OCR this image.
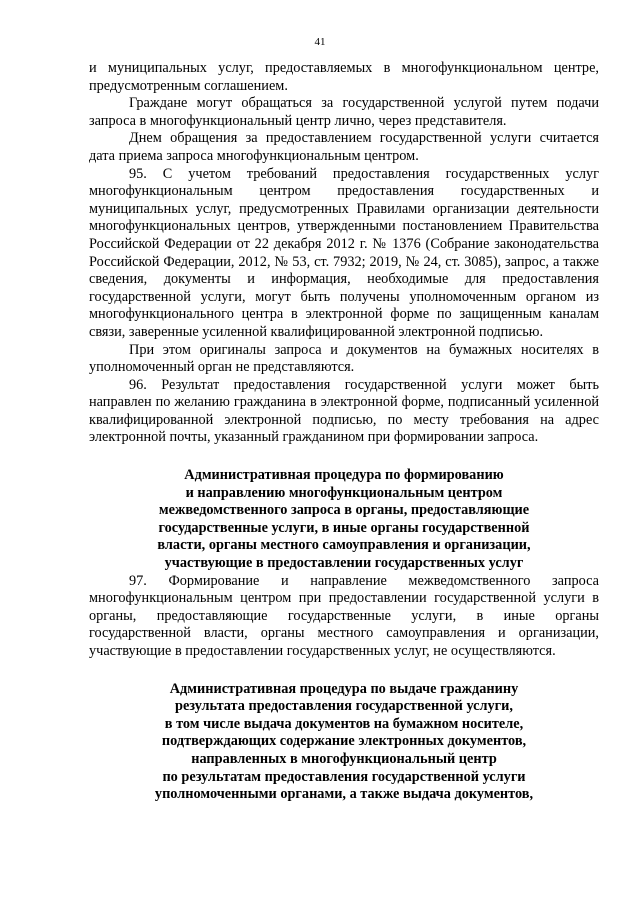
41

и муниципальных услуг, предоставляемых в многофункциональном центре, предусмотренным соглашением.

Граждане могут обращаться за государственной услугой путем подачи запроса в многофункциональный центр лично, через представителя.

Днем обращения за предоставлением государственной услуги считается дата приема запроса многофункциональным центром.

95. С учетом требований предоставления государственных услуг многофункциональным центром предоставления государственных и муниципальных услуг, предусмотренных Правилами организации деятельности многофункциональных центров, утвержденными постановлением Правительства Российской Федерации от 22 декабря 2012 г. № 1376 (Собрание законодательства Российской Федерации, 2012, № 53, ст. 7932; 2019, № 24, ст. 3085), запрос, а также сведения, документы и информация, необходимые для предоставления государственной услуги, могут быть получены уполномоченным органом из многофункционального центра в электронной форме по защищенным каналам связи, заверенные усиленной квалифицированной электронной подписью.

При этом оригиналы запроса и документов на бумажных носителях в уполномоченный орган не представляются.

96. Результат предоставления государственной услуги может быть направлен по желанию гражданина в электронной форме, подписанный усиленной квалифицированной электронной подписью, по месту требования на адрес электронной почты, указанный гражданином при формировании запроса.

Административная процедура по формированию
и направлению многофункциональным центром
межведомственного запроса в органы, предоставляющие
государственные услуги, в иные органы государственной
власти, органы местного самоуправления и организации,
участвующие в предоставлении государственных услуг

97. Формирование и направление межведомственного запроса многофункциональным центром при предоставлении государственной услуги в органы, предоставляющие государственные услуги, в иные органы государственной власти, органы местного самоуправления и организации, участвующие в предоставлении государственных услуг, не осуществляются.

Административная процедура по выдаче гражданину
результата предоставления государственной услуги,
в том числе выдача документов на бумажном носителе,
подтверждающих содержание электронных документов,
направленных в многофункциональный центр
по результатам предоставления государственной услуги
уполномоченными органами, а также выдача документов,
